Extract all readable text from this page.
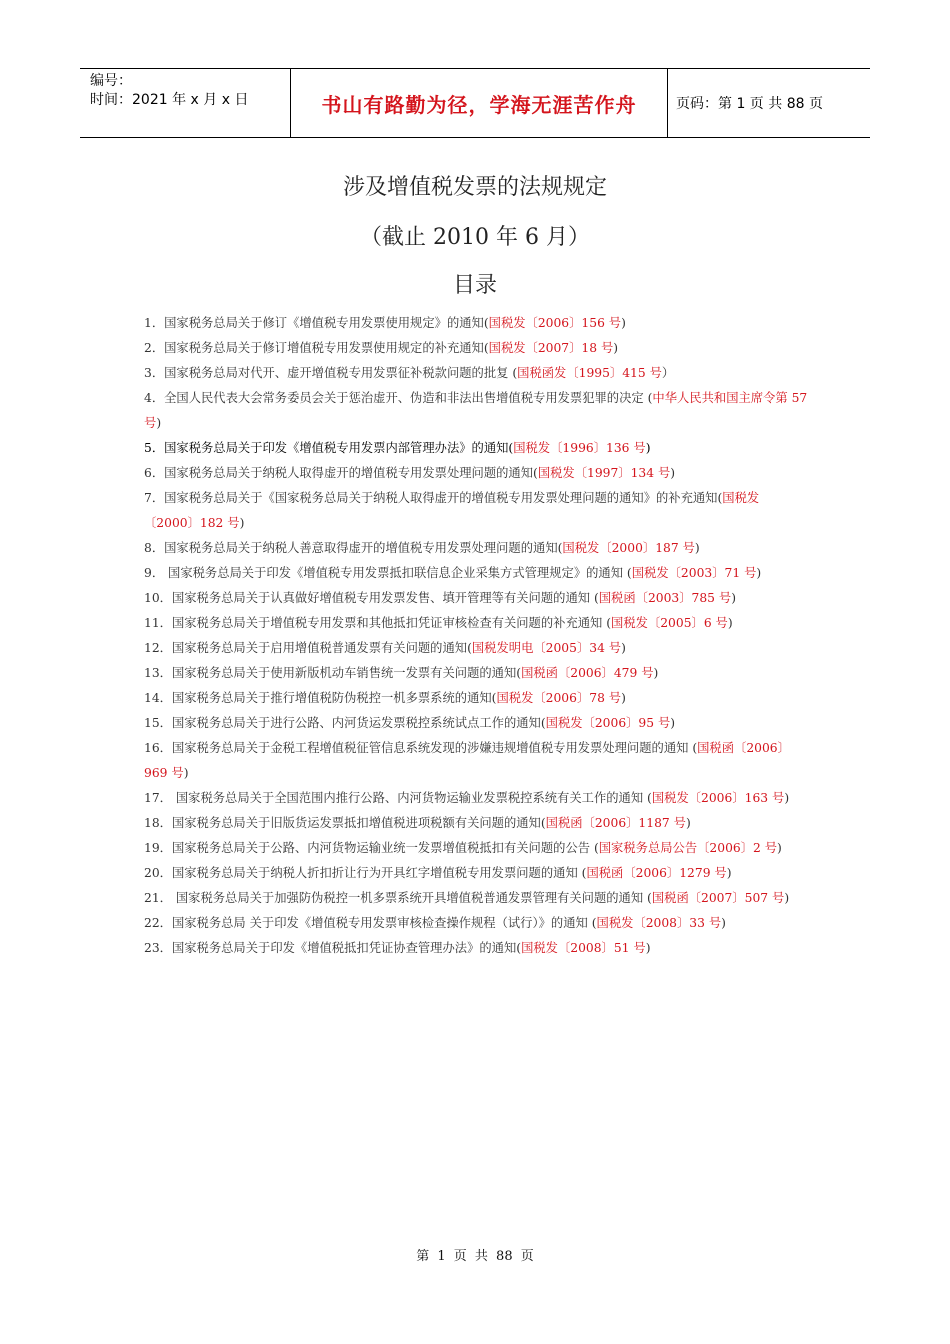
编号：
时间：2021 年 x 月 x 日	书山有路勤为径，学海无涯苦作舟	页码：第 1 页 共 88 页
涉及增值税发票的法规规定
（截止 2010 年 6 月）
目录
1．国家税务总局关于修订《增值税专用发票使用规定》的通知(国税发〔2006〕156 号)
2．国家税务总局关于修订增值税专用发票使用规定的补充通知(国税发〔2007〕18 号)
3．国家税务总局对代开、虚开增值税专用发票征补税款问题的批复 (国税函发〔1995〕415 号）
4．全国人民代表大会常务委员会关于惩治虚开、伪造和非法出售增值税专用发票犯罪的决定 (中华人民共和国主席令第 57 号)
5．国家税务总局关于印发《增值税专用发票内部管理办法》的通知(国税发〔1996〕136 号)
6．国家税务总局关于纳税人取得虚开的增值税专用发票处理问题的通知(国税发〔1997〕134 号)
7．国家税务总局关于《国家税务总局关于纳税人取得虚开的增值税专用发票处理问题的通知》的补充通知(国税发〔2000〕182 号)
8．国家税务总局关于纳税人善意取得虚开的增值税专用发票处理问题的通知(国税发〔2000〕187 号)
9． 国家税务总局关于印发《增值税专用发票抵扣联信息企业采集方式管理规定》的通知 (国税发〔2003〕71 号)
10．国家税务总局关于认真做好增值税专用发票发售、填开管理等有关问题的通知 (国税函〔2003〕785 号)
11．国家税务总局关于增值税专用发票和其他抵扣凭证审核检查有关问题的补充通知 (国税发〔2005〕6 号)
12．国家税务总局关于启用增值税普通发票有关问题的通知(国税发明电〔2005〕34 号)
13．国家税务总局关于使用新版机动车销售统一发票有关问题的通知(国税函〔2006〕479 号)
14．国家税务总局关于推行增值税防伪税控一机多票系统的通知(国税发〔2006〕78 号)
15．国家税务总局关于进行公路、内河货运发票税控系统试点工作的通知(国税发〔2006〕95 号)
16．国家税务总局关于金税工程增值税征管信息系统发现的涉嫌违规增值税专用发票处理问题的通知 (国税函〔2006〕969 号)
17． 国家税务总局关于全国范围内推行公路、内河货物运输业发票税控系统有关工作的通知 (国税发〔2006〕163 号)
18．国家税务总局关于旧版货运发票抵扣增值税进项税额有关问题的通知(国税函〔2006〕1187 号)
19．国家税务总局关于公路、内河货物运输业统一发票增值税抵扣有关问题的公告 (国家税务总局公告〔2006〕2 号)
20．国家税务总局关于纳税人折扣折让行为开具红字增值税专用发票问题的通知 (国税函〔2006〕1279 号)
21． 国家税务总局关于加强防伪税控一机多票系统开具增值税普通发票管理有关问题的通知 (国税函〔2007〕507 号)
22．国家税务总局 关于印发《增值税专用发票审核检查操作规程（试行）》的通知 (国税发〔2008〕33 号)
23．国家税务总局关于印发《增值税抵扣凭证协查管理办法》的通知(国税发〔2008〕51 号)
第 1 页 共 88 页
